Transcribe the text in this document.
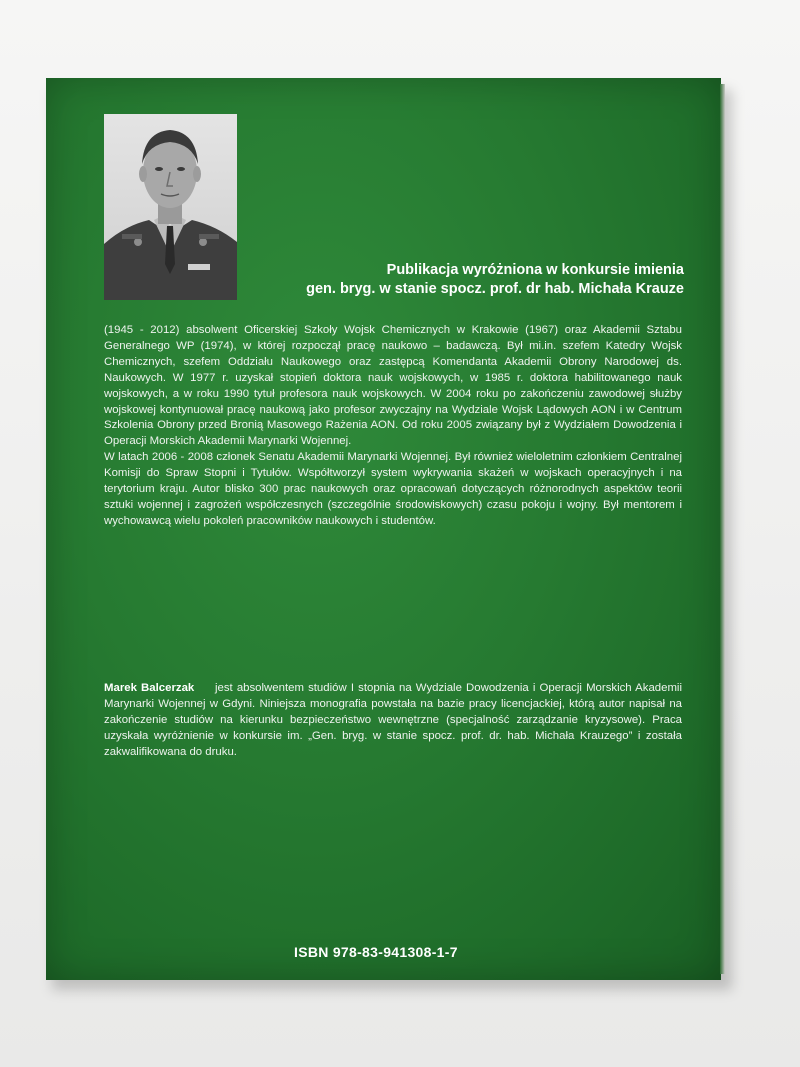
Publikacja wyróżniona w konkursie imienia
gen. bryg. w stanie spocz. prof. dr hab. Michała Krauze

(1945 - 2012) absolwent Oficerskiej Szkoły Wojsk Chemicznych w Krakowie (1967) oraz Akademii Sztabu Generalnego WP (1974), w której rozpoczął pracę naukowo – badawczą. Był mi.in. szefem Katedry Wojsk Chemicznych, szefem Oddziału Naukowego oraz zastępcą Komendanta Akademii Obrony Narodowej ds. Naukowych. W 1977 r. uzyskał stopień doktora nauk wojskowych, w 1985 r. doktora habilitowanego nauk wojskowych, a w roku 1990 tytuł profesora nauk wojskowych. W 2004 roku po zakończeniu zawodowej służby wojskowej kontynuował pracę naukową jako profesor zwyczajny na Wydziale Wojsk Lądowych AON i w Centrum Szkolenia Obrony przed Bronią Masowego Rażenia AON. Od roku 2005 związany był z Wydziałem Dowodzenia i Operacji Morskich Akademii Marynarki Wojennej.

W latach 2006 - 2008 członek Senatu Akademii Marynarki Wojennej. Był również wieloletnim członkiem Centralnej Komisji do Spraw Stopni i Tytułów. Współtworzył system wykrywania skażeń w wojskach operacyjnych i na terytorium kraju. Autor blisko 300 prac naukowych oraz opracowań dotyczących różnorodnych aspektów teorii sztuki wojennej i zagrożeń współczesnych (szczególnie środowiskowych) czasu pokoju i wojny. Był mentorem i wychowawcą wielu pokoleń pracowników naukowych i studentów.

Marek Balcerzak jest absolwentem studiów I stopnia na Wydziale Dowodzenia i Operacji Morskich Akademii Marynarki Wojennej w Gdyni. Niniejsza monografia powstała na bazie pracy licencjackiej, którą autor napisał na zakończenie studiów na kierunku bezpieczeństwo wewnętrzne (specjalność zarządzanie kryzysowe). Praca uzyskała wyróżnienie w konkursie im. „Gen. bryg. w stanie spocz. prof. dr. hab. Michała Krauzego” i została zakwalifikowana do druku.
ISBN 978-83-941308-1-7
